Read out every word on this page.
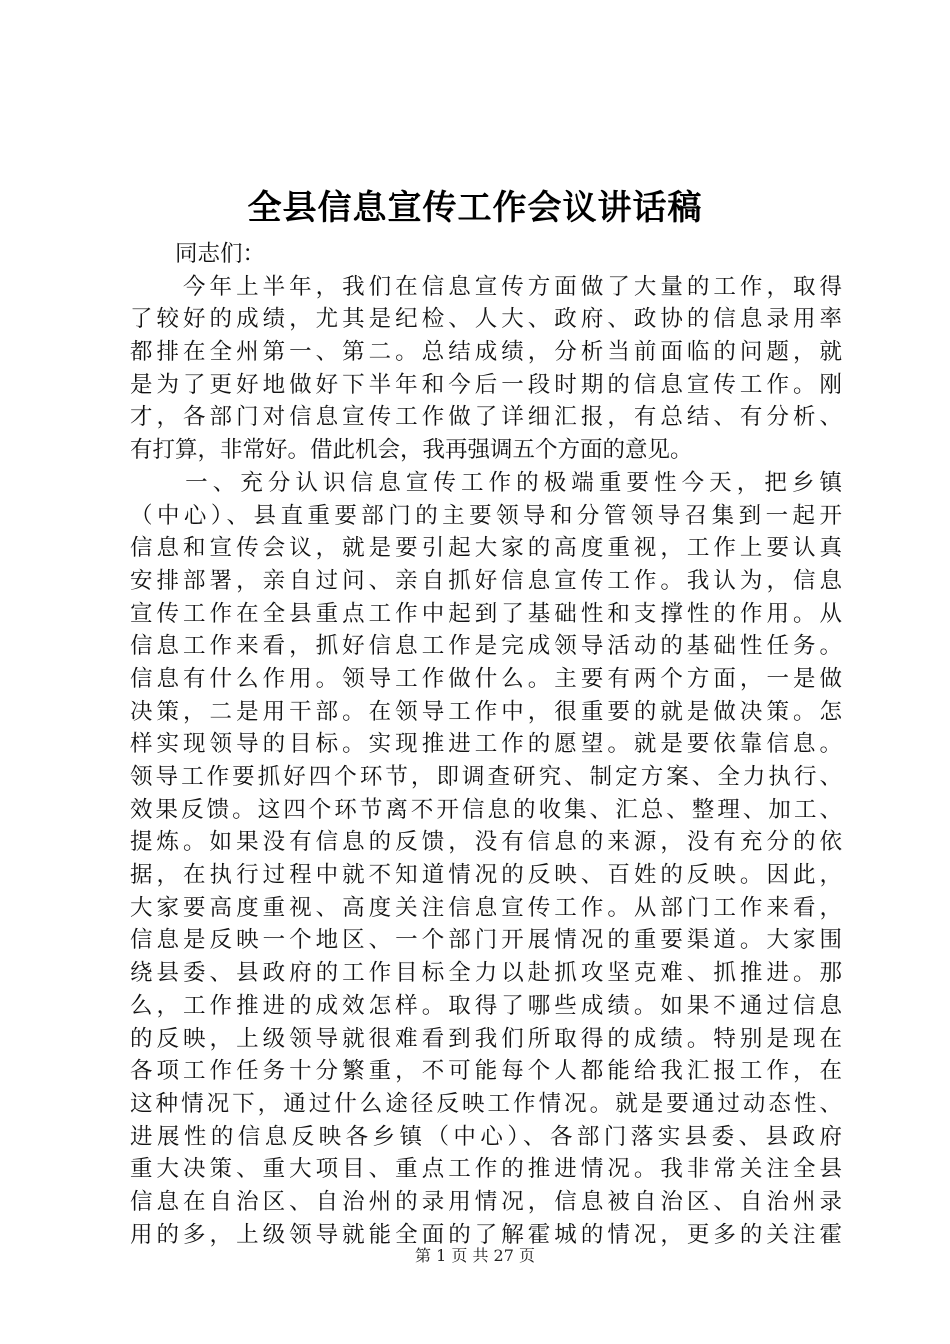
全县信息宣传工作会议讲话稿
　　同志们：
　　今年上半年，我们在信息宣传方面做了大量的工作，取得
了较好的成绩，尤其是纪检、人大、政府、政协的信息录用率
都排在全州第一、第二。总结成绩，分析当前面临的问题，就
是为了更好地做好下半年和今后一段时期的信息宣传工作。刚
才，各部门对信息宣传工作做了详细汇报，有总结、有分析、
有打算，非常好。借此机会，我再强调五个方面的意见。
　　一、充分认识信息宣传工作的极端重要性今天，把乡镇
（中心）、县直重要部门的主要领导和分管领导召集到一起开
信息和宣传会议，就是要引起大家的高度重视，工作上要认真
安排部署，亲自过问、亲自抓好信息宣传工作。我认为，信息
宣传工作在全县重点工作中起到了基础性和支撑性的作用。从
信息工作来看，抓好信息工作是完成领导活动的基础性任务。
信息有什么作用。领导工作做什么。主要有两个方面，一是做
决策，二是用干部。在领导工作中，很重要的就是做决策。怎
样实现领导的目标。实现推进工作的愿望。就是要依靠信息。
领导工作要抓好四个环节，即调查研究、制定方案、全力执行、
效果反馈。这四个环节离不开信息的收集、汇总、整理、加工、
提炼。如果没有信息的反馈，没有信息的来源，没有充分的依
据，在执行过程中就不知道情况的反映、百姓的反映。因此，
大家要高度重视、高度关注信息宣传工作。从部门工作来看，
信息是反映一个地区、一个部门开展情况的重要渠道。大家围
绕县委、县政府的工作目标全力以赴抓攻坚克难、抓推进。那
么，工作推进的成效怎样。取得了哪些成绩。如果不通过信息
的反映，上级领导就很难看到我们所取得的成绩。特别是现在
各项工作任务十分繁重，不可能每个人都能给我汇报工作，在
这种情况下，通过什么途径反映工作情况。就是要通过动态性、
进展性的信息反映各乡镇（中心）、各部门落实县委、县政府
重大决策、重大项目、重点工作的推进情况。我非常关注全县
信息在自治区、自治州的录用情况，信息被自治区、自治州录
用的多，上级领导就能全面的了解霍城的情况，更多的关注霍
第 1 页 共 27 页
